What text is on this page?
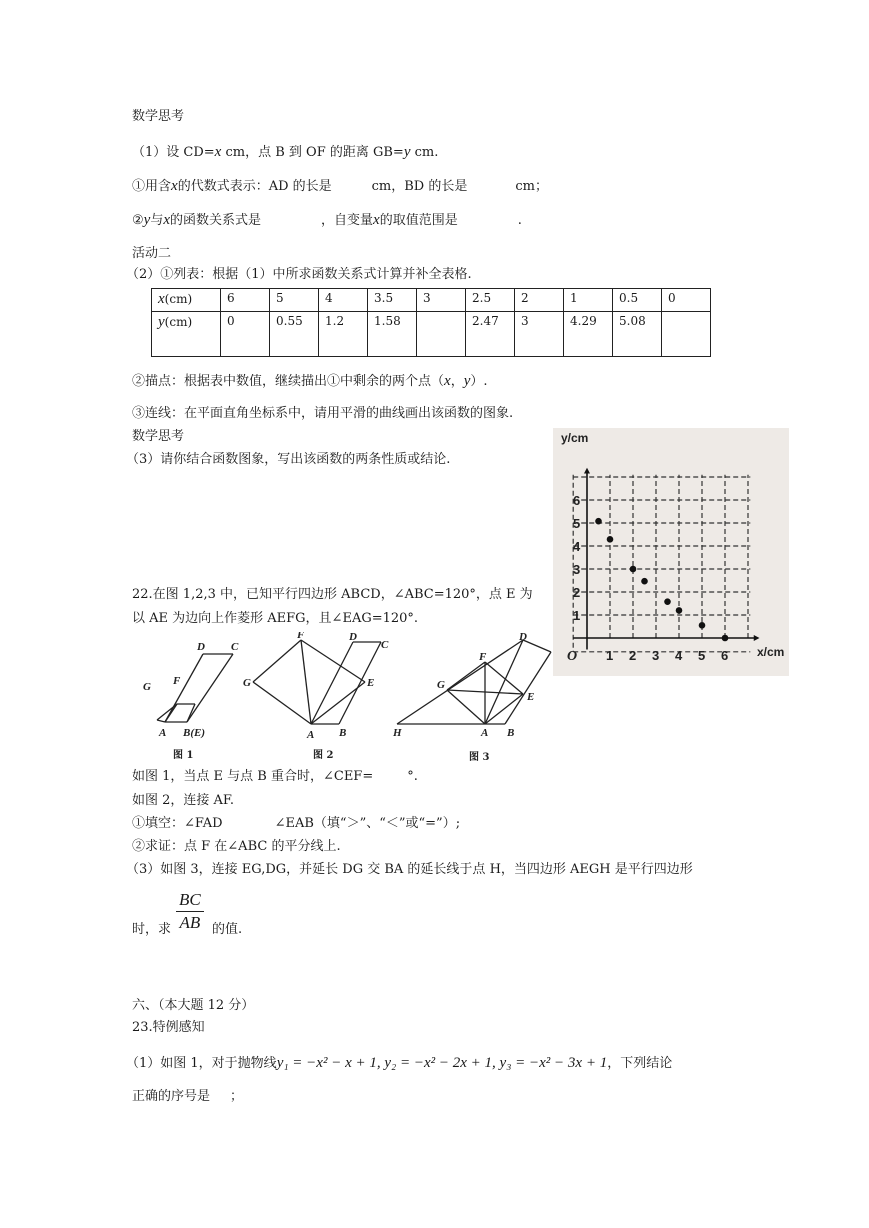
数学思考
（1）设 CD=x cm，点 B 到 OF 的距离 GB=y cm.
①用含x的代数式表示：AD 的长是	cm，BD 的长是	cm；
②y与x的函数关系式是	，自变量x的取值范围是	.
活动二
（2）①列表：根据（1）中所求函数关系式计算并补全表格.
x(cm)	6	5	4	3.5	3	2.5	2	1	0.5	0
y(cm)	0	0.55	1.2	1.58		2.47	3	4.29	5.08	
②描点：根据表中数值，继续描出①中剩余的两个点（x，y）.
③连线：在平面直角坐标系中，请用平滑的曲线画出该函数的图象.
数学思考
（3）请你结合函数图象，写出该函数的两条性质或结论.
1 2 3 4 5 6
1
2
3
4
5
6
O
y/cm
x/cm
22.在图 1,2,3 中，已知平行四边形 ABCD，∠ABC=120°，点 E 为
以 AE 为边向上作菱形 AEFG，且∠EAG=120°.
D C
G F
A B(E)
G
F	D
C
E
A B
D
F
G
E
H	A B
图 1	图 2	图 3
如图 1，当点 E 与点 B 重合时，∠CEF=	°.
如图 2，连接 AF.
①填空：∠FAD	∠EAB（填“＞”、“＜”或“=”）;
②求证：点 F 在∠ABC 的平分线上.
（3）如图 3，连接 EG,DG，并延长 DG 交 BA 的延长线于点 H，当四边形 AEGH 是平行四边形
$\frac{BC}{AB}$
时，求	的值.
六、（本大题 12 分）
23.特例感知
（1）如图 1，对于抛物线y₁ = −x² − x + 1, y₂ = −x² − 2x + 1, y₃ = −x² − 3x + 1，下列结论
正确的序号是 ；
